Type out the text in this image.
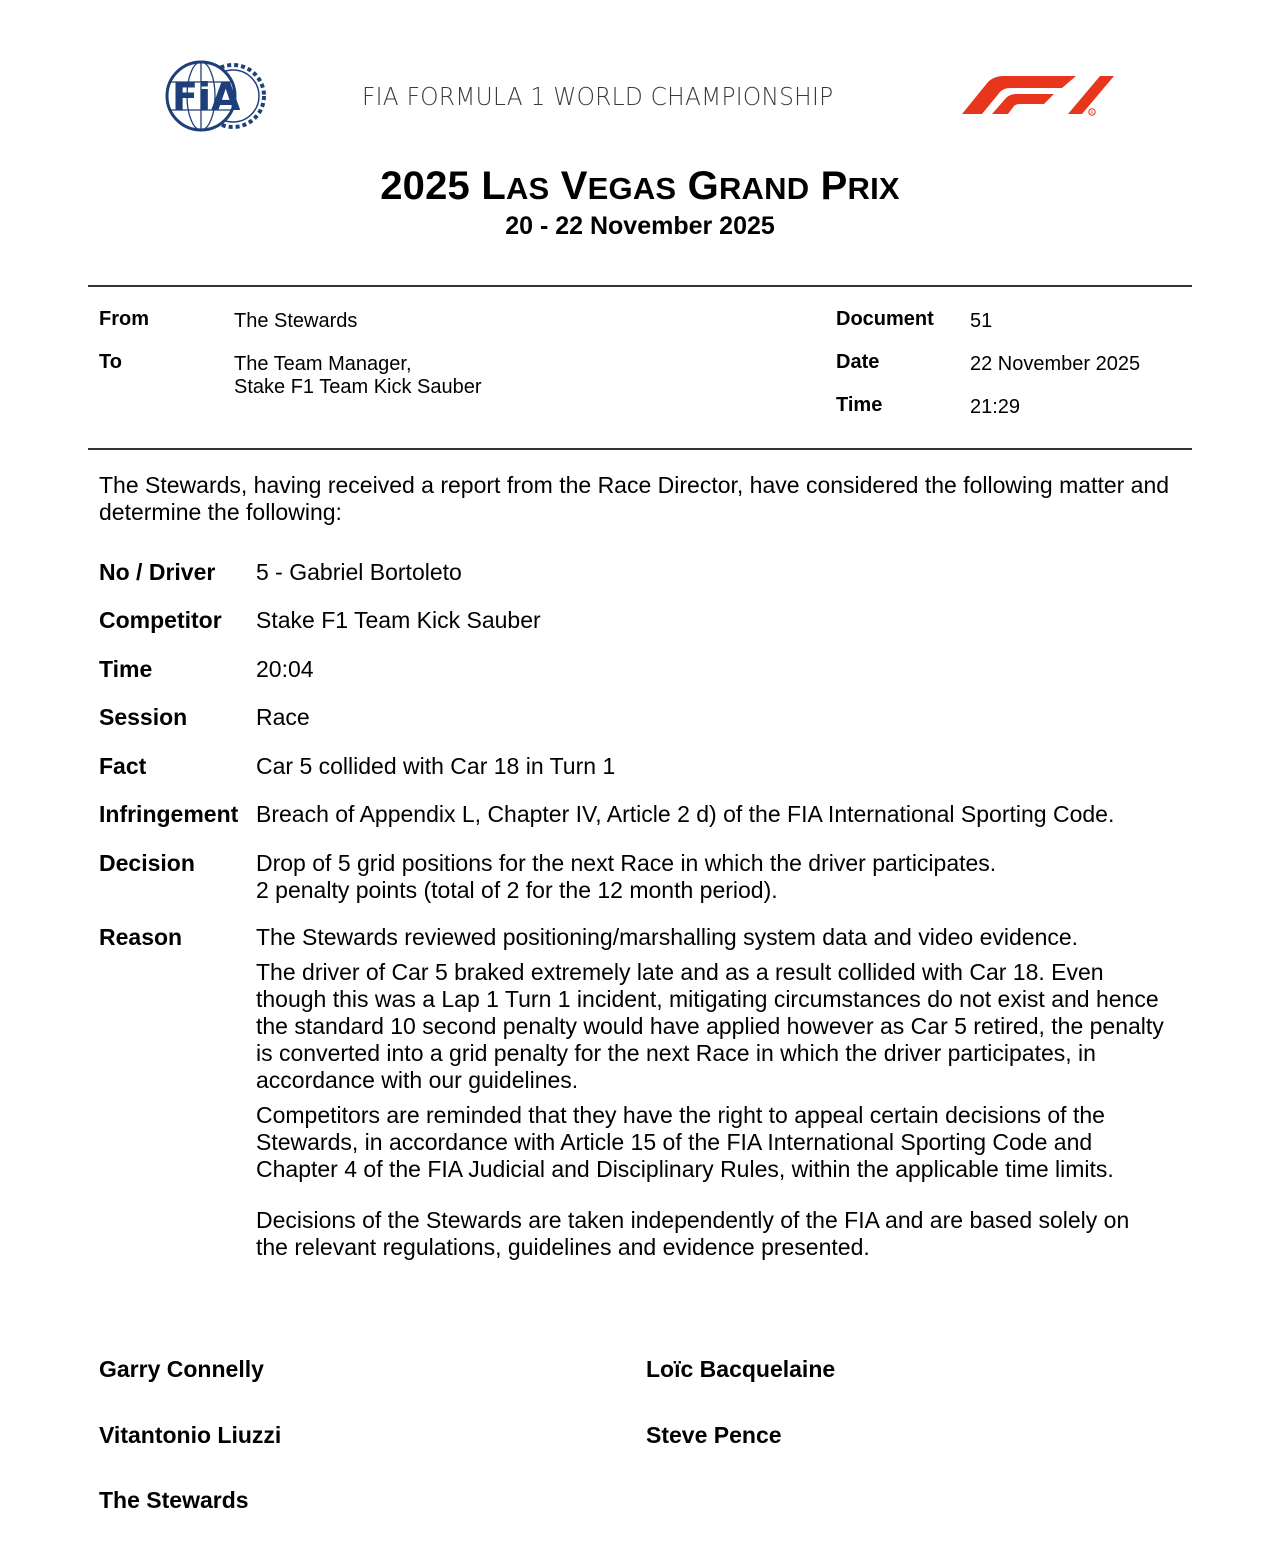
FiA	FIA FORMULA 1 WORLD CHAMPIONSHIP
R
2025 LAS VEGAS GRAND PRIX
20 - 22 November 2025
From	The Stewards
To	The Team Manager,
Stake F1 Team Kick Sauber
Document 51
Date	22 November 2025
Time	21:29
The Stewards, having received a report from the Race Director, have considered the following matter and determine the following:
No / Driver 5 - Gabriel Bortoleto
Competitor Stake F1 Team Kick Sauber
Time	20:04
Session	Race
Fact	Car 5 collided with Car 18 in Turn 1
Infringement Breach of Appendix L, Chapter IV, Article 2 d) of the FIA International Sporting Code.
Decision	Drop of 5 grid positions for the next Race in which the driver participates.
2 penalty points (total of 2 for the 12 month period).
Reason	The Stewards reviewed positioning/marshalling system data and video evidence.

The driver of Car 5 braked extremely late and as a result collided with Car 18. Even though this was a Lap 1 Turn 1 incident, mitigating circumstances do not exist and hence the standard 10 second penalty would have applied however as Car 5 retired, the penalty is converted into a grid penalty for the next Race in which the driver participates, in accordance with our guidelines.

Competitors are reminded that they have the right to appeal certain decisions of the Stewards, in accordance with Article 15 of the FIA International Sporting Code and Chapter 4 of the FIA Judicial and Disciplinary Rules, within the applicable time limits.

Decisions of the Stewards are taken independently of the FIA and are based solely on the relevant regulations, guidelines and evidence presented.

Garry Connelly	Loïc Bacquelaine
Vitantonio Liuzzi	Steve Pence
The Stewards
